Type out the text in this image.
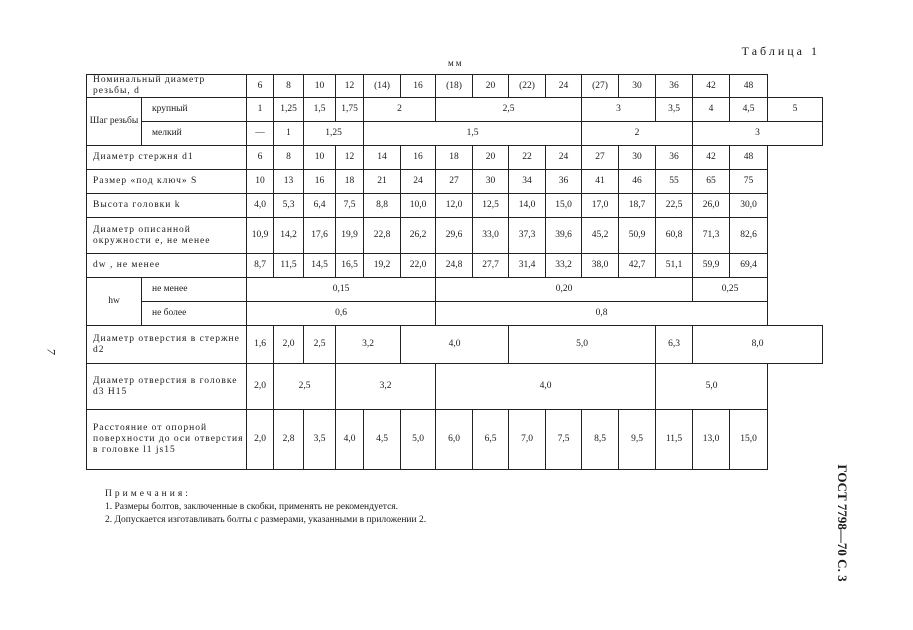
Таблица 1
мм
7
ГОСТ 7798—70 С. 3
Номинальный диаметр резьбы, d		6	8	10	12	(14)	16	(18)	20	(22)	24	(27)	30	36	42	48	
Шаг резьбы	крупный	1	1,25	1,5	1,75	2		2,5				3		3,5	4	4,5	5
	мелкий	—	1	1,25		1,5						2			3		
Диаметр стержня d1		6	8	10	12	14	16	18	20	22	24	27	30	36	42	48	
Размер «под ключ» S		10	13	16	18	21	24	27	30	34	36	41	46	55	65	75	
Высота головки k		4,0	5,3	6,4	7,5	8,8	10,0	12,0	12,5	14,0	15,0	17,0	18,7	22,5	26,0	30,0	
Диаметр описанной окружности e, не менее		10,9	14,2	17,6	19,9	22,8	26,2	29,6	33,0	37,3	39,6	45,2	50,9	60,8	71,3	82,6	
dw , не менее		8,7	11,5	14,5	16,5	19,2	22,0	24,8	27,7	31,4	33,2	38,0	42,7	51,1	59,9	69,4	
hw	не менее	0,15						0,20							0,25		
	не более	0,6						0,8									
Диаметр отверстия в стержне d2		1,6	2,0	2,5	3,2		4,0			5,0				6,3	8,0		
Диаметр отверстия в головке d3 H15		2,0	2,5		3,2			4,0						5,0			
Расстояние от опорной поверхности до оси отверстия в головке l1 js15		2,0	2,8	3,5	4,0	4,5	5,0	6,0	6,5	7,0	7,5	8,5	9,5	11,5	13,0	15,0	
Примечания:
1. Размеры болтов, заключенные в скобки, применять не рекомендуется.
2. Допускается изготавливать болты с размерами, указанными в приложении 2.
